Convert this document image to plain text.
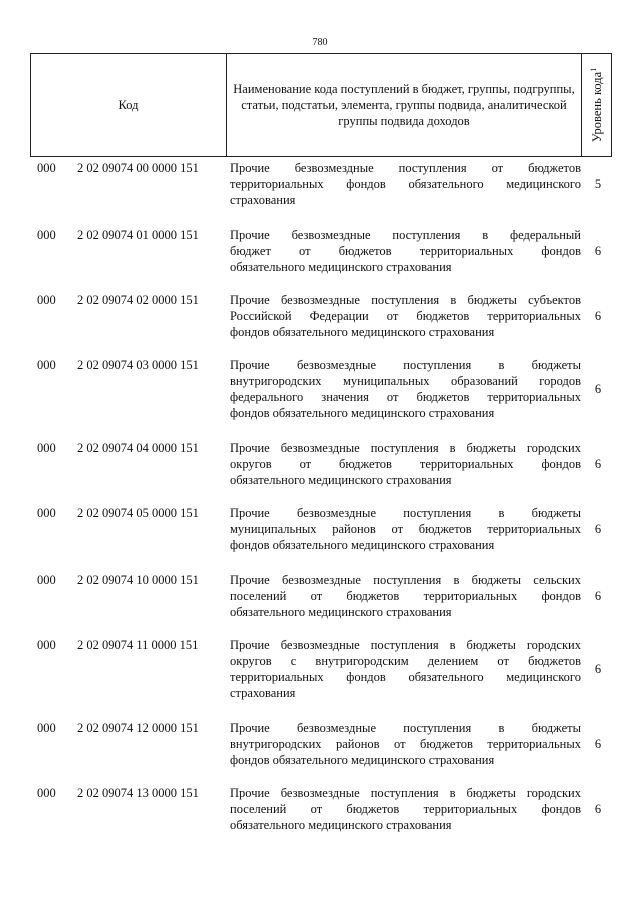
780
Код
Наименование кода поступлений в бюджет, группы, подгруппы, статьи, подстатьи, элемента, группы подвида, аналитической группы подвида доходов	Уровень кода$^1$
000 2 02 09074 00 0000 151 Прочие безвозмездные поступления от бюджетов
территориальных фондов обязательного медицинского
страхования
5
000 2 02 09074 01 0000 151 Прочие безвозмездные поступления в федеральный
бюджет от бюджетов территориальных фондов
обязательного медицинского страхования
6
000 2 02 09074 02 0000 151 Прочие безвозмездные поступления в бюджеты субъектов
Российской Федерации от бюджетов территориальных
фондов обязательного медицинского страхования
6
000 2 02 09074 03 0000 151 Прочие безвозмездные поступления в бюджеты
внутригородских муниципальных образований городов
федерального значения от бюджетов территориальных
фондов обязательного медицинского страхования
6
000 2 02 09074 04 0000 151 Прочие безвозмездные поступления в бюджеты городских
округов от бюджетов территориальных фондов
обязательного медицинского страхования
6
000 2 02 09074 05 0000 151 Прочие безвозмездные поступления в бюджеты
муниципальных районов от бюджетов территориальных
фондов обязательного медицинского страхования
6
000 2 02 09074 10 0000 151 Прочие безвозмездные поступления в бюджеты сельских
поселений от бюджетов территориальных фондов
обязательного медицинского страхования
6
000 2 02 09074 11 0000 151	Прочие безвозмездные поступления в бюджеты городских
округов с внутригородским делением от бюджетов
территориальных фондов обязательного медицинского
страхования
6
000 2 02 09074 12 0000 151 Прочие безвозмездные поступления в бюджеты
внутригородских районов от бюджетов территориальных
фондов обязательного медицинского страхования
6
000 2 02 09074 13 0000 151 Прочие безвозмездные поступления в бюджеты городских
поселений от бюджетов территориальных фондов
обязательного медицинского страхования
6
